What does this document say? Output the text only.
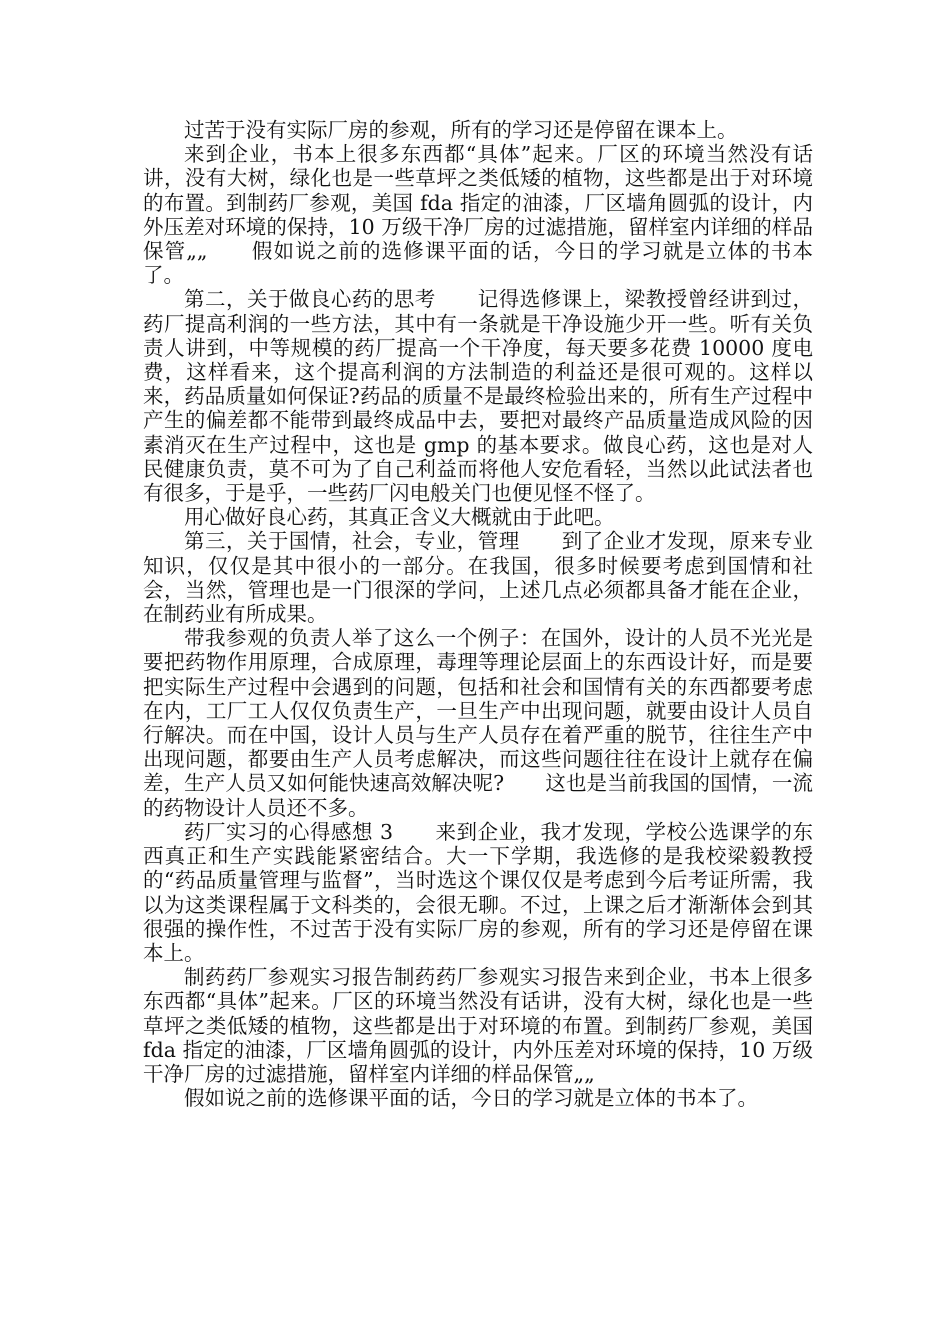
过苦于没有实际厂房的参观，所有的学习还是停留在课本上。

来到企业，书本上很多东西都“具体”起来。厂区的环境当然没有话讲，没有大树，绿化也是一些草坪之类低矮的植物，这些都是出于对环境的布置。到制药厂参观，美国 fda 指定的油漆，厂区墙角圆弧的设计，内外压差对环境的保持，10 万级干净厂房的过滤措施，留样室内详细的样品保管„„　　假如说之前的选修课平面的话，今日的学习就是立体的书本了。

第二，关于做良心药的思考　　记得选修课上，梁教授曾经讲到过，药厂提高利润的一些方法，其中有一条就是干净设施少开一些。听有关负责人讲到，中等规模的药厂提高一个干净度，每天要多花费 10000 度电费，这样看来，这个提高利润的方法制造的利益还是很可观的。这样以来，药品质量如何保证?药品的质量不是最终检验出来的，所有生产过程中产生的偏差都不能带到最终成品中去，要把对最终产品质量造成风险的因素消灭在生产过程中，这也是 gmp 的基本要求。做良心药，这也是对人民健康负责，莫不可为了自己利益而将他人安危看轻，当然以此试法者也有很多，于是乎，一些药厂闪电般关门也便见怪不怪了。

用心做好良心药，其真正含义大概就由于此吧。

第三，关于国情，社会，专业，管理　　到了企业才发现，原来专业知识，仅仅是其中很小的一部分。在我国，很多时候要考虑到国情和社会，当然，管理也是一门很深的学问，上述几点必须都具备才能在企业，在制药业有所成果。

带我参观的负责人举了这么一个例子：在国外，设计的人员不光光是要把药物作用原理，合成原理，毒理等理论层面上的东西设计好，而是要把实际生产过程中会遇到的问题，包括和社会和国情有关的东西都要考虑在内，工厂工人仅仅负责生产，一旦生产中出现问题，就要由设计人员自行解决。而在中国，设计人员与生产人员存在着严重的脱节，往往生产中出现问题，都要由生产人员考虑解决，而这些问题往往在设计上就存在偏差，生产人员又如何能快速高效解决呢?　　这也是当前我国的国情，一流的药物设计人员还不多。

药厂实习的心得感想 3　　来到企业，我才发现，学校公选课学的东西真正和生产实践能紧密结合。大一下学期，我选修的是我校梁毅教授的“药品质量管理与监督”，当时选这个课仅仅是考虑到今后考证所需，我以为这类课程属于文科类的，会很无聊。不过，上课之后才渐渐体会到其很强的操作性，不过苦于没有实际厂房的参观，所有的学习还是停留在课本上。

制药药厂参观实习报告制药药厂参观实习报告来到企业，书本上很多东西都“具体”起来。厂区的环境当然没有话讲，没有大树，绿化也是一些草坪之类低矮的植物，这些都是出于对环境的布置。到制药厂参观，美国 fda 指定的油漆，厂区墙角圆弧的设计，内外压差对环境的保持，10 万级干净厂房的过滤措施，留样室内详细的样品保管„„

假如说之前的选修课平面的话，今日的学习就是立体的书本了。
